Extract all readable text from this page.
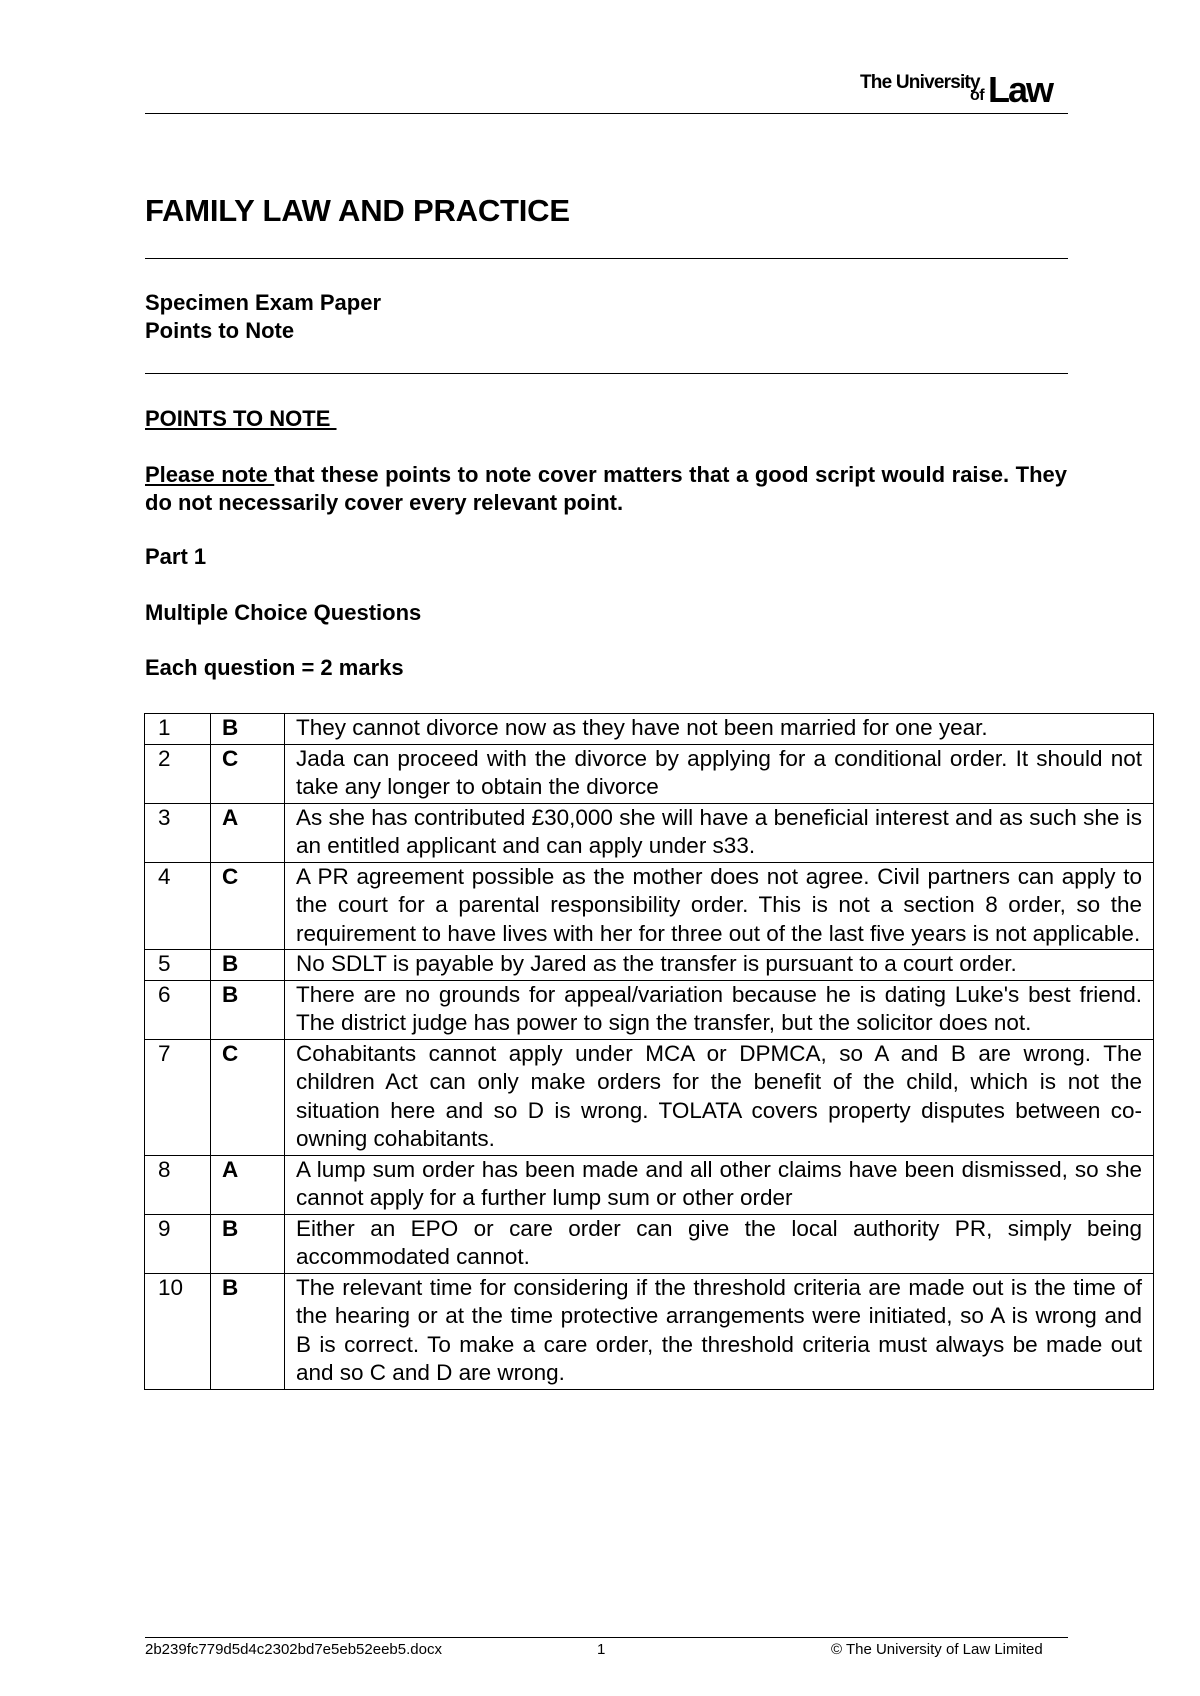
The University
of Law
FAMILY LAW AND PRACTICE
Specimen Exam Paper
Points to Note
POINTS TO NOTE
Please note that these points to note cover matters that a good script would raise. They do not necessarily cover every relevant point.
Part 1
Multiple Choice Questions
Each question = 2 marks
1	B	They cannot divorce now as they have not been married for one year.
2	C	Jada can proceed with the divorce by applying for a conditional order. It should not take any longer to obtain the divorce
3	A	As she has contributed £30,000 she will have a beneficial interest and as such she is an entitled applicant and can apply under s33.
4	C	A PR agreement possible as the mother does not agree. Civil partners can apply to the court for a parental responsibility order. This is not a section 8 order, so the requirement to have lives with her for three out of the last five years is not applicable.
5	B	No SDLT is payable by Jared as the transfer is pursuant to a court order.
6	B	There are no grounds for appeal/variation because he is dating Luke's best friend. The district judge has power to sign the transfer, but the solicitor does not.
7	C	Cohabitants cannot apply under MCA or DPMCA, so A and B are wrong. The children Act can only make orders for the benefit of the child, which is not the situation here and so D is wrong. TOLATA covers property disputes between co-owning cohabitants.
8	A	A lump sum order has been made and all other claims have been dismissed, so she cannot apply for a further lump sum or other order
9	B	Either an EPO or care order can give the local authority PR, simply being accommodated cannot.
10	B	The relevant time for considering if the threshold criteria are made out is the time of the hearing or at the time protective arrangements were initiated, so A is wrong and B is correct. To make a care order, the threshold criteria must always be made out and so C and D are wrong.
2b239fc779d5d4c2302bd7e5eb52eeb5.docx	1	© The University of Law Limited
